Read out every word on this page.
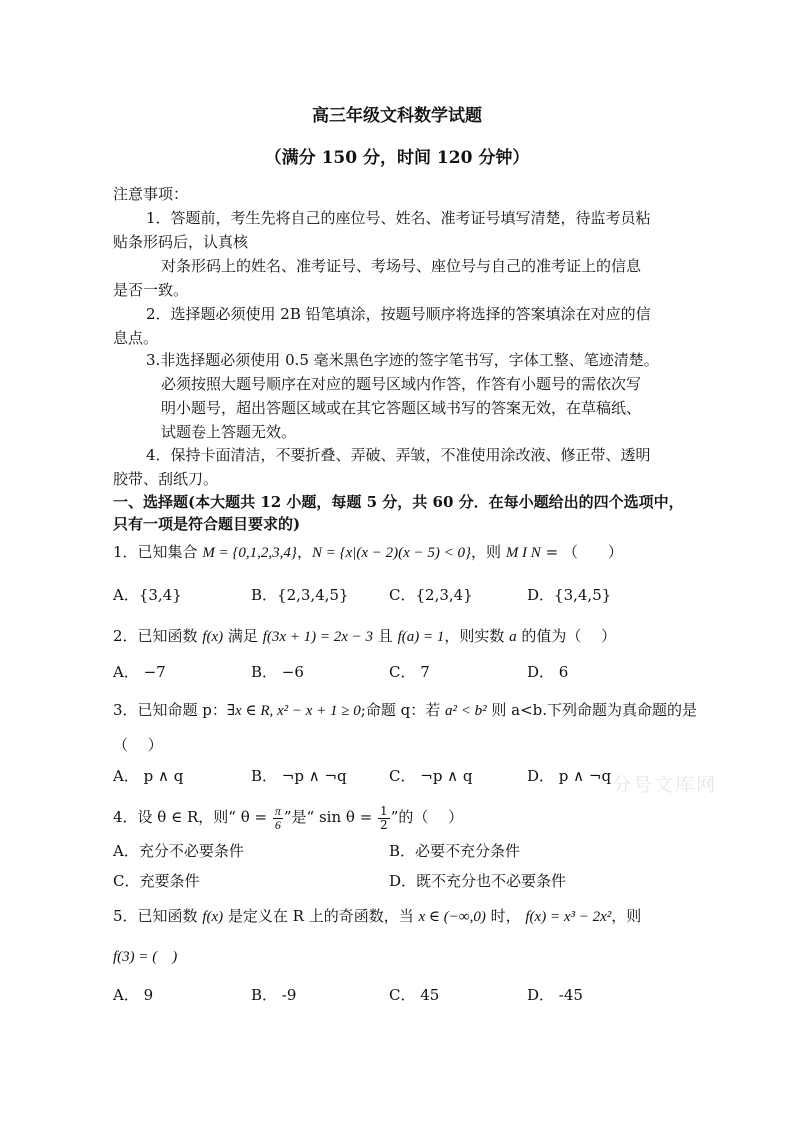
高三年级文科数学试题
（满分 150 分，时间 120 分钟）
注意事项：
1．答题前，考生先将自己的座位号、姓名、准考证号填写清楚，待监考员粘
贴条形码后，认真核
对条形码上的姓名、准考证号、考场号、座位号与自己的准考证上的信息
是否一致。
2．选择题必须使用 2B 铅笔填涂，按题号顺序将选择的答案填涂在对应的信
息点。
3.非选择题必须使用 0.5 毫米黑色字迹的签字笔书写，字体工整、笔迹清楚。
必须按照大题号顺序在对应的题号区域内作答，作答有小题号的需依次写
明小题号，超出答题区域或在其它答题区域书写的答案无效，在草稿纸、
试题卷上答题无效。
4．保持卡面清洁，不要折叠、弄破、弄皱，不准使用涂改液、修正带、透明
胶带、刮纸刀。
一、选择题(本大题共 12 小题，每题 5 分，共 60 分．在每小题给出的四个选项中，
只有一项是符合题目要求的)
1．已知集合 M = {0,1,2,3,4}，N = {x|(x − 2)(x − 5) < 0}，则 M I N = （　　）
A．{3,4}	B．{2,3,4,5}	C．{2,3,4}	D．{3,4,5}
2．已知函数 f(x) 满足 f(3x + 1) = 2x − 3 且 f(a) = 1，则实数 a 的值为（　 ）
A． −7	B． −6	C． 7	D． 6
3．已知命题 p：∃x ∈ R, x² − x + 1 ≥ 0;命题 q：若 a² < b² 则 a<b.下列命题为真命题的是
（　 ）
A． p ∧ q	B． ¬p ∧ ¬q	C． ¬p ∧ q	D． p ∧ ¬q
4．设 θ ∈ R，则“ $\theta = \frac{\pi}{6}$ ”是“ $\sin \theta = \frac{1}{2}$ ”的（　 ）
A．充分不必要条件	B．必要不充分条件
C．充要条件	D．既不充分也不必要条件
5．已知函数 f(x) 是定义在 R 上的奇函数，当 x ∈ (−∞,0) 时， f(x) = x³ − 2x²，则
f(3) = (　)
A． 9	B． -9	C． 45	D． -45
分号文库网
